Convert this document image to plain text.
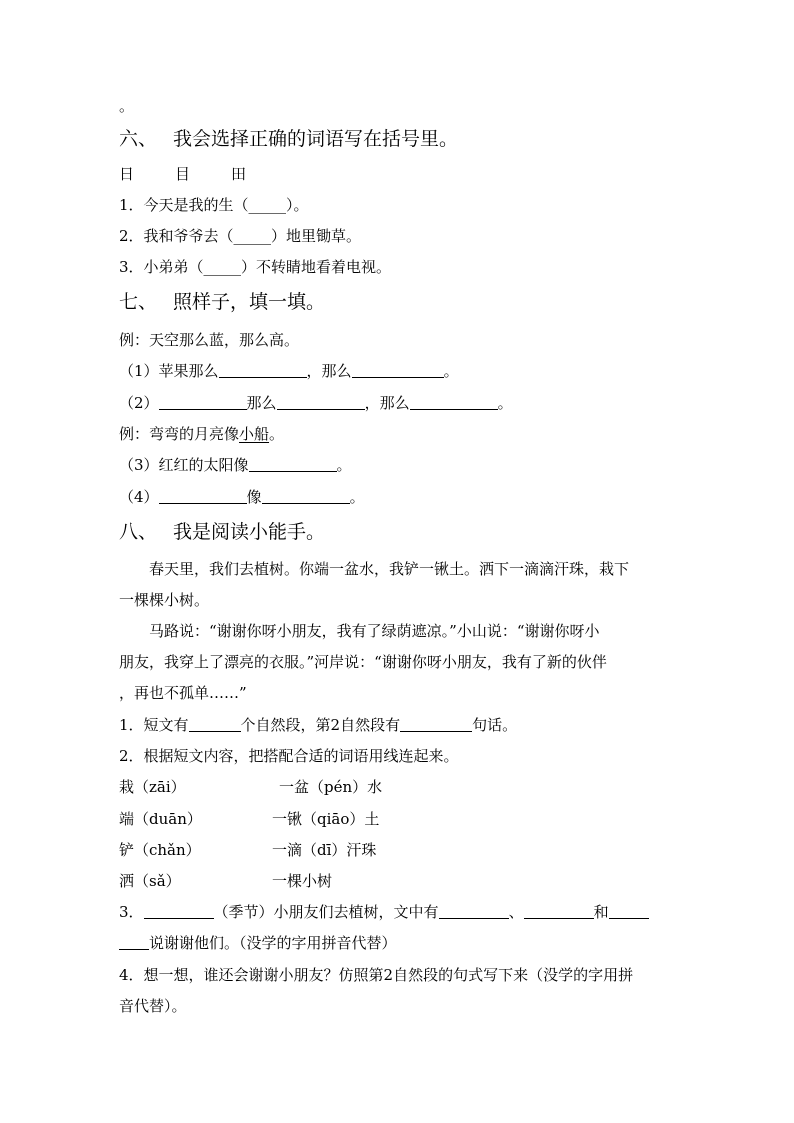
。
六、 我会选择正确的词语写在括号里。
日	目	田
1．今天是我的生（_____）。
2．我和爷爷去（_____）地里锄草。
3．小弟弟（_____）不转睛地看着电视。
七、 照样子，填一填。
例：天空那么蓝，那么高。
（1）苹果那么	，那么	。
（2）	那么	，那么	。
例：弯弯的月亮像小船。
（3）红红的太阳像	。
（4）	像	。
八、 我是阅读小能手。
春天里，我们去植树。你端一盆水，我铲一锹土。洒下一滴滴汗珠，栽下
一棵棵小树。
马路说：“谢谢你呀小朋友，我有了绿荫遮凉。”小山说：“谢谢你呀小
朋友，我穿上了漂亮的衣服。”河岸说：“谢谢你呀小朋友，我有了新的伙伴
，再也不孤单……”
1．短文有	个自然段，第2自然段有	句话。
2．根据短文内容，把搭配合适的词语用线连起来。
栽（zāi）	一盆（pén）水
端（duān）	一锹（qiāo）土
铲（chǎn）	一滴（dī）汗珠
洒（sǎ）	一棵小树
3．	（季节）小朋友们去植树，文中有	、	和
说谢谢他们。（没学的字用拼音代替）
4．想一想，谁还会谢谢小朋友？仿照第2自然段的句式写下来（没学的字用拼
音代替）。
